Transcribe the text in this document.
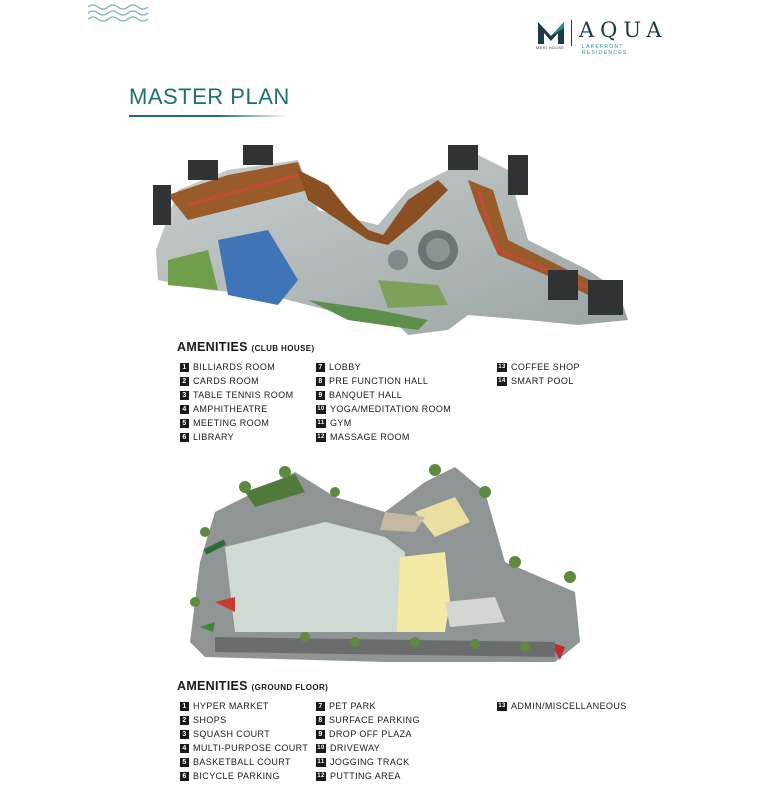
MERI HOUSE
AQUA
LAKEFRONT RESIDENCES
MASTER PLAN
AMENITIES (CLUB HOUSE)
1 BILLIARDS ROOM
2 CARDS ROOM
3 TABLE TENNIS ROOM
4 AMPHITHEATRE
5 MEETING ROOM
6 LIBRARY
7 LOBBY
8 PRE FUNCTION HALL
9 BANQUET HALL
10 YOGA/MEDITATION ROOM
11 GYM
12 MASSAGE ROOM
13 COFFEE SHOP
14 SMART POOL
AMENITIES (GROUND FLOOR)
1 HYPER MARKET
2 SHOPS
3 SQUASH COURT
4 MULTI-PURPOSE COURT
5 BASKETBALL COURT
6 BICYCLE PARKING
7 PET PARK
8 SURFACE PARKING
9 DROP OFF PLAZA
10 DRIVEWAY
11 JOGGING TRACK
12 PUTTING AREA
13 ADMIN/MISCELLANEOUS
